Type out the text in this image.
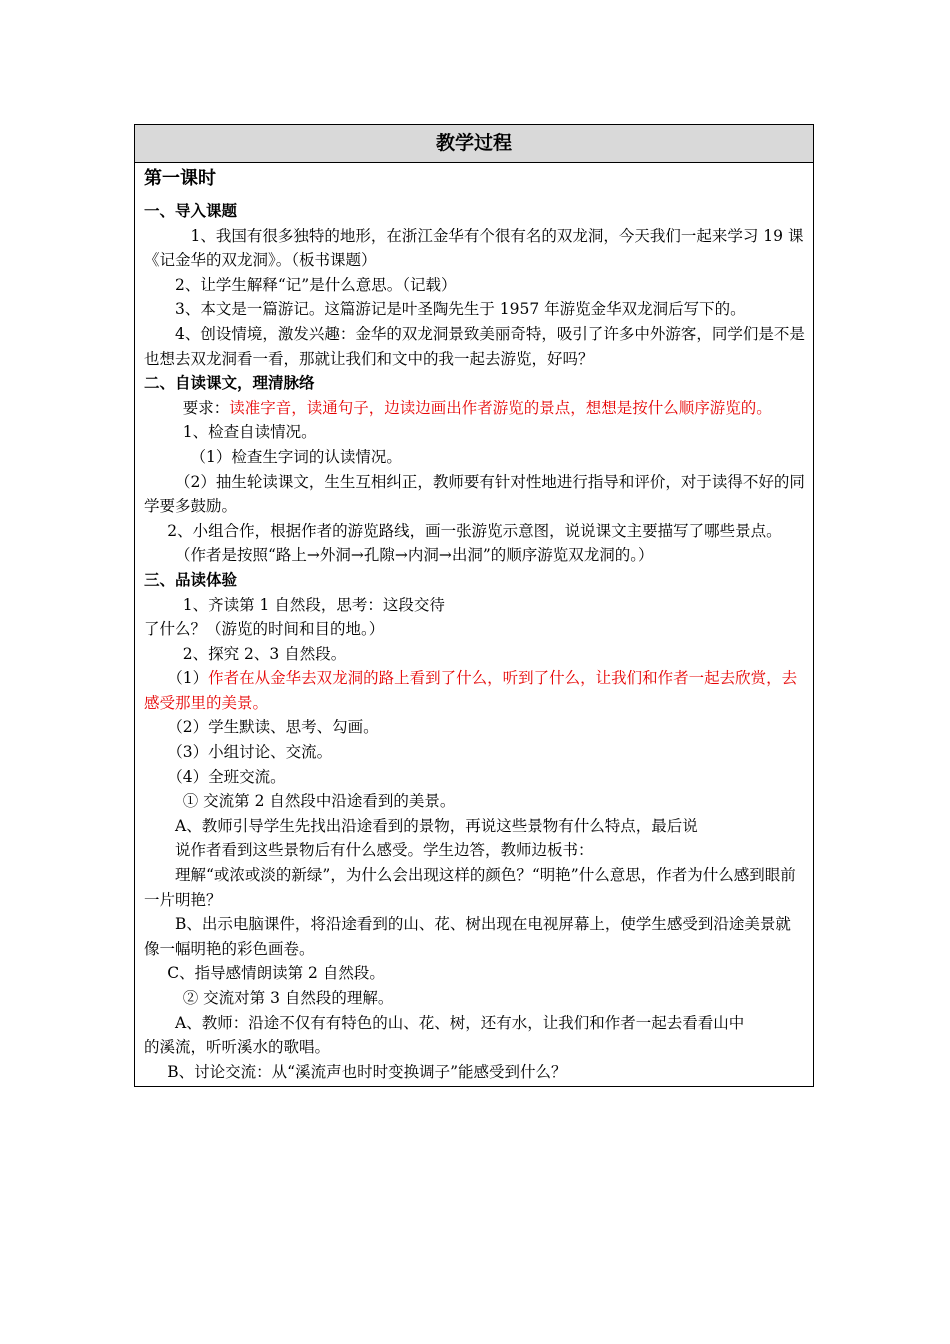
教学过程
第一课时
一、导入课题

1、我国有很多独特的地形，在浙江金华有个很有名的双龙洞，今天我们一起来学习 19 课《记金华的双龙洞》。（板书课题）

2、让学生解释“记”是什么意思。（记载）

3、本文是一篇游记。这篇游记是叶圣陶先生于 1957 年游览金华双龙洞后写下的。

4、创设情境，激发兴趣：金华的双龙洞景致美丽奇特，吸引了许多中外游客，同学们是不是也想去双龙洞看一看，那就让我们和文中的我一起去游览，好吗？

二、自读课文，理清脉络

要求：读准字音，读通句子，边读边画出作者游览的景点，想想是按什么顺序游览的。

1、检查自读情况。

（1）检查生字词的认读情况。

（2）抽生轮读课文，生生互相纠正，教师要有针对性地进行指导和评价，对于读得不好的同学要多鼓励。

2、小组合作，根据作者的游览路线，画一张游览示意图，说说课文主要描写了哪些景点。

（作者是按照“路上→外洞→孔隙→内洞→出洞”的顺序游览双龙洞的。）

三、品读体验

1、齐读第 1 自然段，思考：这段交待

了什么？（游览的时间和目的地。）

2、探究 2、3 自然段。

（1）作者在从金华去双龙洞的路上看到了什么，听到了什么，让我们和作者一起去欣赏，去感受那里的美景。

（2）学生默读、思考、勾画。

（3）小组讨论、交流。

（4）全班交流。

① 交流第 2 自然段中沿途看到的美景。

A、教师引导学生先找出沿途看到的景物，再说这些景物有什么特点，最后说

说作者看到这些景物后有什么感受。学生边答，教师边板书：

理解“或浓或淡的新绿”，为什么会出现这样的颜色？“明艳”什么意思，作者为什么感到眼前一片明艳？

B、出示电脑课件，将沿途看到的山、花、树出现在电视屏幕上，使学生感受到沿途美景就像一幅明艳的彩色画卷。

C、指导感情朗读第 2 自然段。

② 交流对第 3 自然段的理解。

A、教师：沿途不仅有有特色的山、花、树，还有水，让我们和作者一起去看看山中

的溪流，听听溪水的歌唱。

B、讨论交流：从“溪流声也时时变换调子”能感受到什么？
